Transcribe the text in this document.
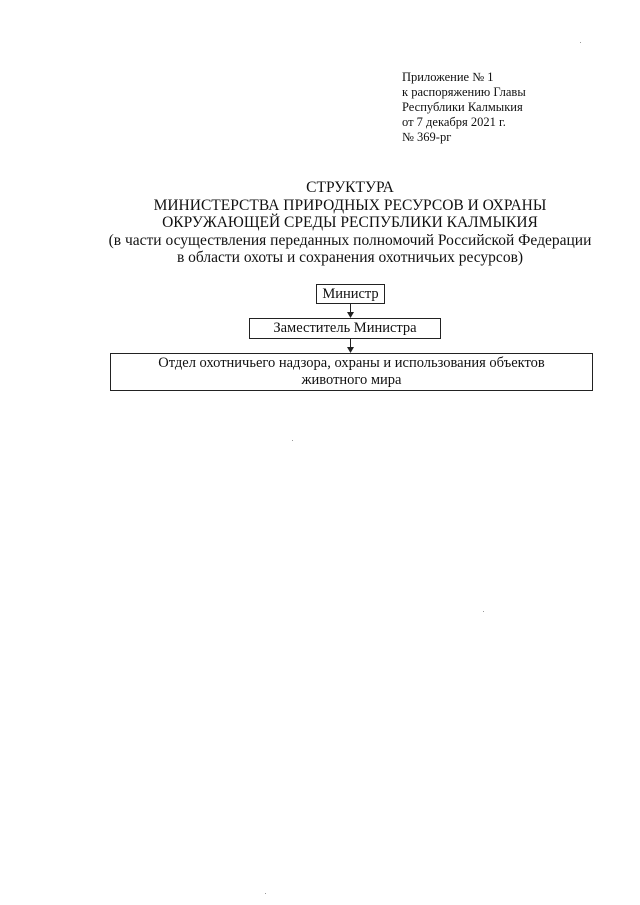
Приложение № 1
к распоряжению Главы
Республики Калмыкия
от 7 декабря 2021 г.
№ 369-рг
СТРУКТУРА
МИНИСТЕРСТВА ПРИРОДНЫХ РЕСУРСОВ И ОХРАНЫ
ОКРУЖАЮЩЕЙ СРЕДЫ РЕСПУБЛИКИ КАЛМЫКИЯ
(в части осуществления переданных полномочий Российской Федерации
в области охоты и сохранения охотничьих ресурсов)
Министр
Заместитель Министра
Отдел охотничьего надзора, охраны и использования объектов
животного мира
